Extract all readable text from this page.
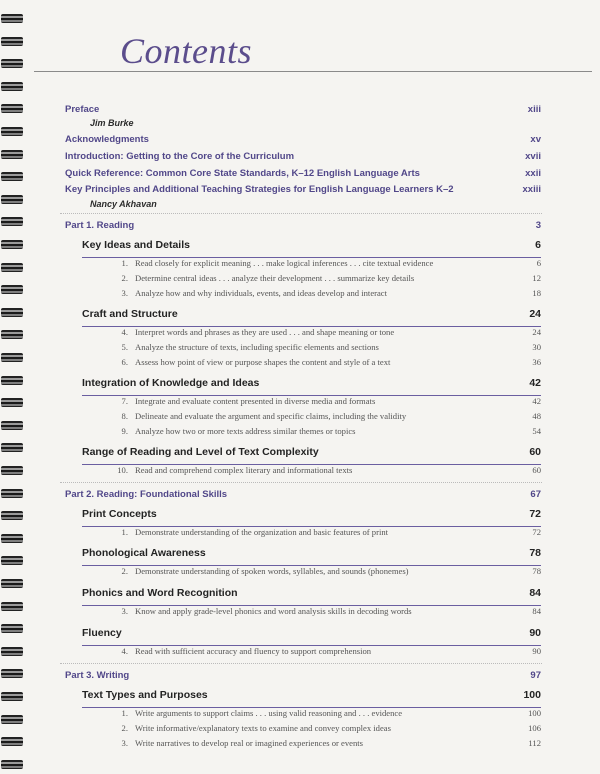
Contents
Preface	xiii
Jim Burke
Acknowledgments	xv
Introduction: Getting to the Core of the Curriculum	xvii
Quick Reference: Common Core State Standards, K–12 English Language Arts	xxii
Key Principles and Additional Teaching Strategies for English Language Learners K–2	xxiii
Nancy Akhavan
Part 1. Reading	3
Key Ideas and Details	6
1. Read closely for explicit meaning . . . make logical inferences . . . cite textual evidence	6
2. Determine central ideas . . . analyze their development . . . summarize key details	12
3. Analyze how and why individuals, events, and ideas develop and interact	18
Craft and Structure	24
4. Interpret words and phrases as they are used . . . and shape meaning or tone	24
5. Analyze the structure of texts, including specific elements and sections	30
6. Assess how point of view or purpose shapes the content and style of a text	36
Integration of Knowledge and Ideas	42
7. Integrate and evaluate content presented in diverse media and formats	42
8. Delineate and evaluate the argument and specific claims, including the validity	48
9. Analyze how two or more texts address similar themes or topics	54
Range of Reading and Level of Text Complexity	60
10. Read and comprehend complex literary and informational texts	60
Part 2. Reading: Foundational Skills	67
Print Concepts	72
1. Demonstrate understanding of the organization and basic features of print	72
Phonological Awareness	78
2. Demonstrate understanding of spoken words, syllables, and sounds (phonemes)	78
Phonics and Word Recognition	84
3. Know and apply grade-level phonics and word analysis skills in decoding words	84
Fluency	90
4. Read with sufficient accuracy and fluency to support comprehension	90
Part 3. Writing	97
Text Types and Purposes	100
1. Write arguments to support claims . . . using valid reasoning and . . . evidence	100
2. Write informative/explanatory texts to examine and convey complex ideas	106
3. Write narratives to develop real or imagined experiences or events	112
